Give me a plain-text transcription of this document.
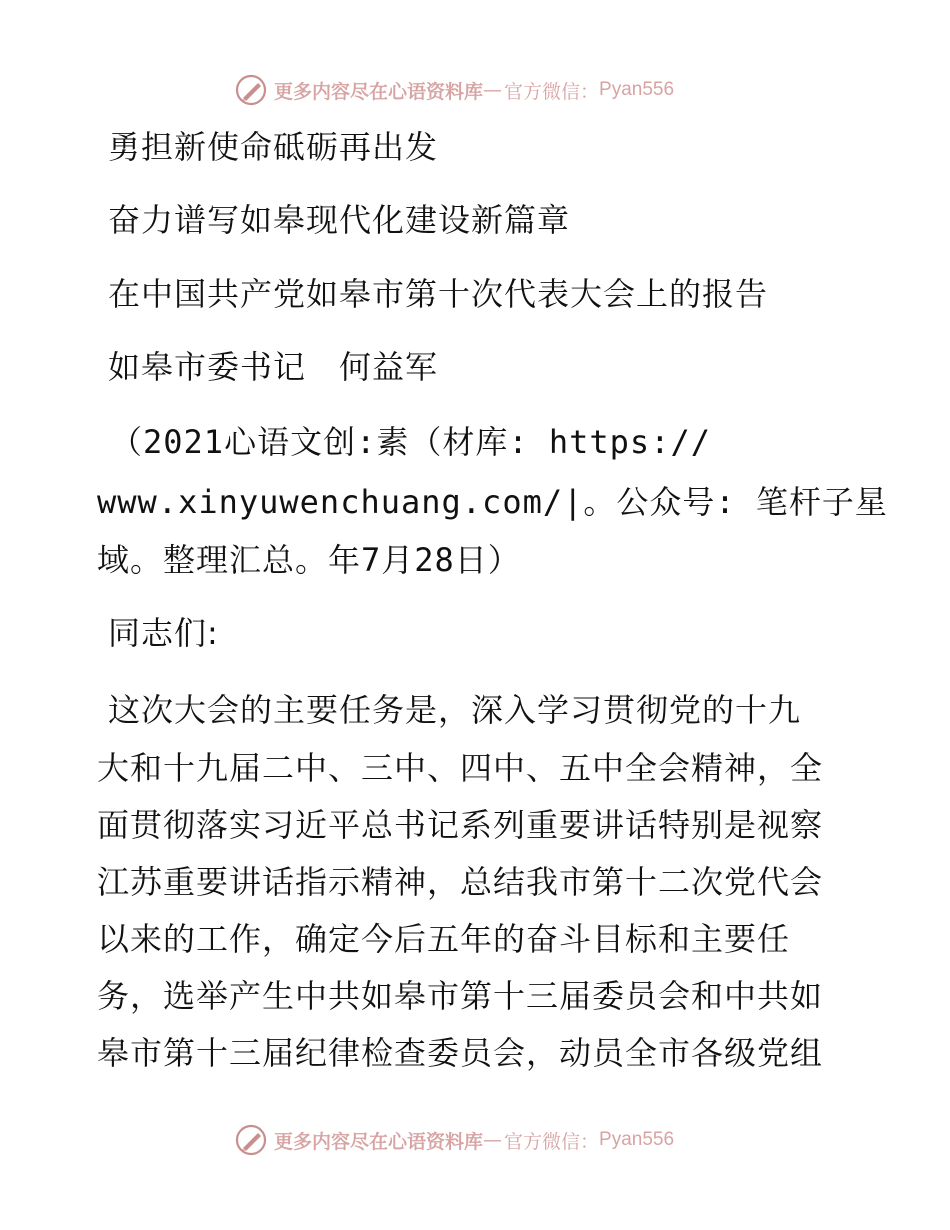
更多内容尽在心语资料库 — 官方微信： Pyan556
勇担新使命砥砺再出发
奋力谱写如皋现代化建设新篇章
在中国共产党如皋市第十次代表大会上的报告
如皋市委书记　何益军
（2021心语文创:素（材库: https://
www.xinyuwenchuang.com/|。公众号: 笔杆子星
域。整理汇总。年7月28日）
同志们:
这次大会的主要任务是，深入学习贯彻党的十九
大和十九届二中、三中、四中、五中全会精神，全
面贯彻落实习近平总书记系列重要讲话特别是视察
江苏重要讲话指示精神，总结我市第十二次党代会
以来的工作，确定今后五年的奋斗目标和主要任
务，选举产生中共如皋市第十三届委员会和中共如
皋市第十三届纪律检查委员会，动员全市各级党组
更多内容尽在心语资料库 — 官方微信： Pyan556
